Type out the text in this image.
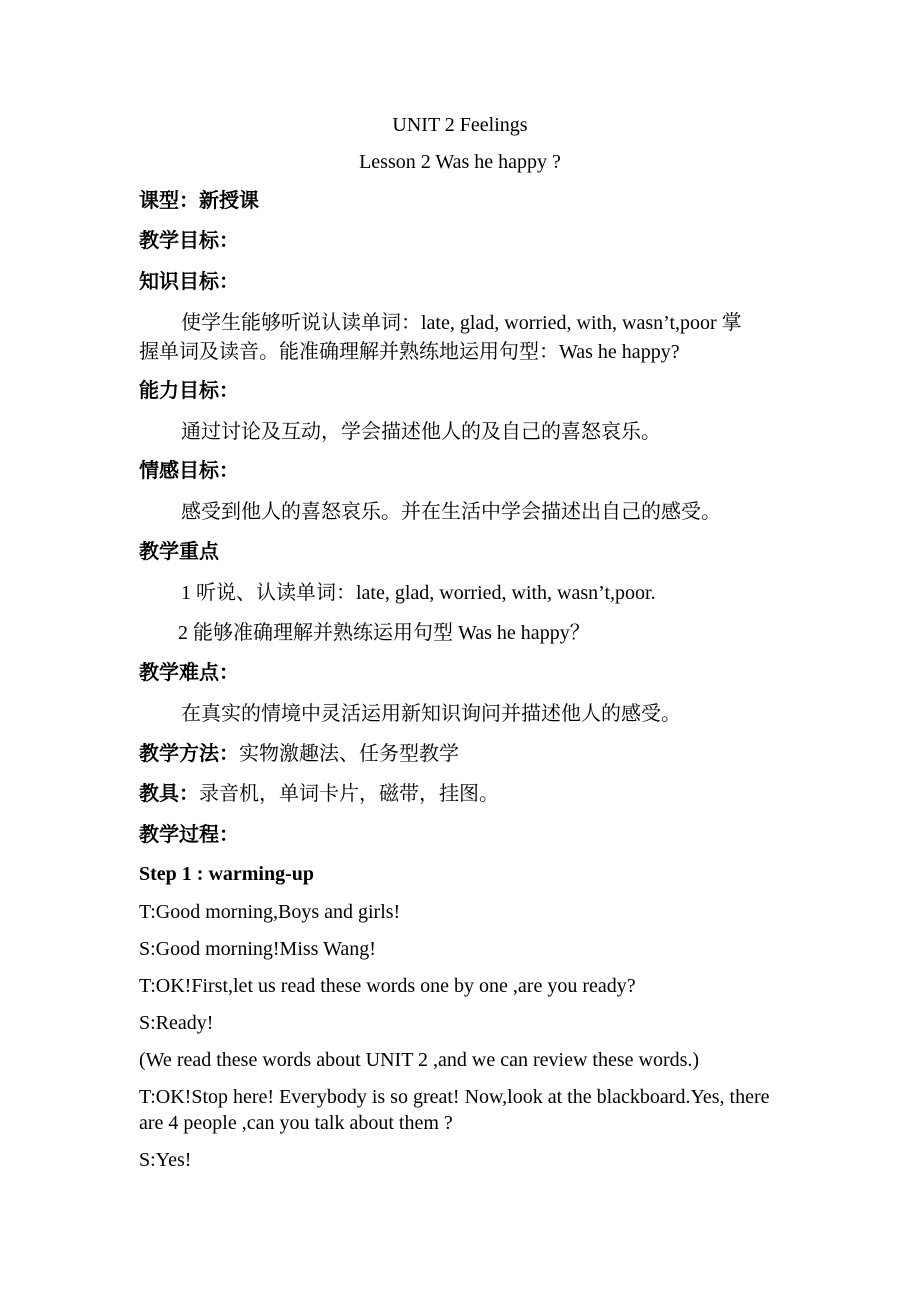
UNIT 2 Feelings
Lesson 2 Was he happy ?
课型：新授课
教学目标：
知识目标：
使学生能够听说认读单词：late, glad, worried, with, wasn’t,poor 掌
握单词及读音。能准确理解并熟练地运用句型：Was he happy?
能力目标：
通过讨论及互动，学会描述他人的及自己的喜怒哀乐。
情感目标：
感受到他人的喜怒哀乐。并在生活中学会描述出自己的感受。
教学重点
1 听说、认读单词：late, glad, worried, with, wasn’t,poor.
2 能够准确理解并熟练运用句型 Was he happy？
教学难点：
在真实的情境中灵活运用新知识询问并描述他人的感受。
教学方法：实物激趣法、任务型教学
教具：录音机，单词卡片，磁带，挂图。
教学过程：
Step 1 : warming-up
T:Good morning,Boys and girls!
S:Good morning!Miss Wang!
T:OK!First,let us read these words one by one ,are you ready?
S:Ready!
(We read these words about UNIT 2 ,and we can review these words.)
T:OK!Stop here! Everybody is so great! Now,look at the blackboard.Yes, there are 4 people ,can you talk about them ?
S:Yes!
